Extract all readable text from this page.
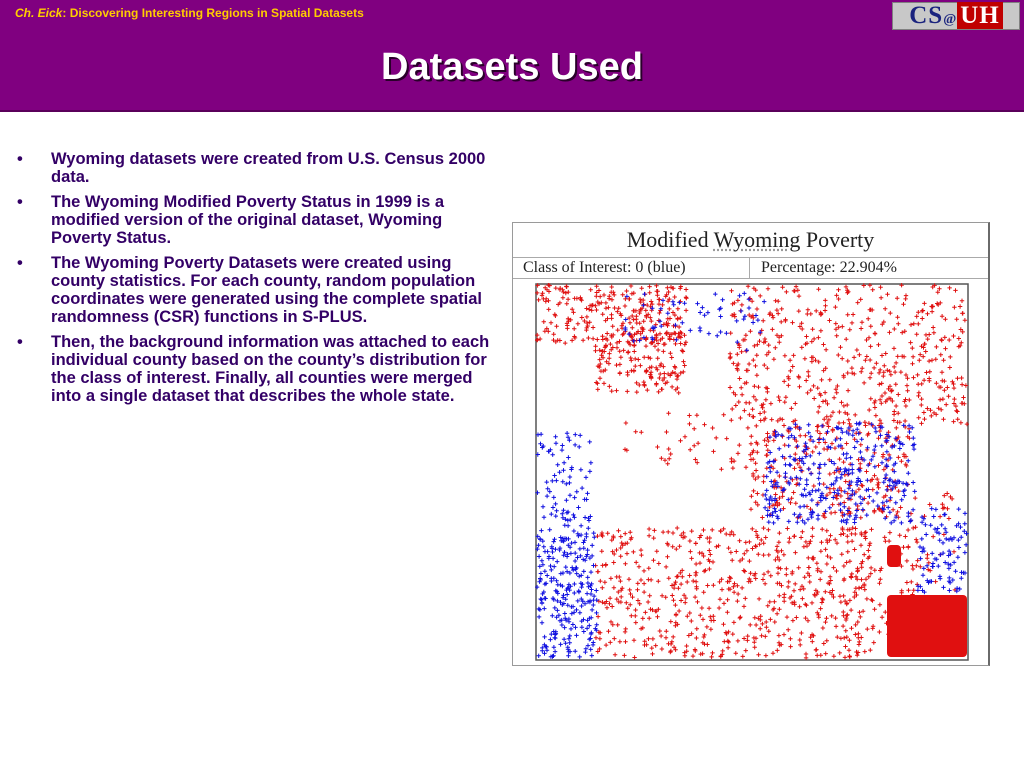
Ch. Eick: Discovering Interesting Regions in Spatial Datasets
Datasets Used
CS@ UH
• Wyoming datasets were created from U.S. Census 2000 data.
• The Wyoming Modified Poverty Status in 1999 is a modified version of the original dataset, Wyoming Poverty Status.
• The Wyoming Poverty Datasets were created using county statistics. For each county, random population coordinates were generated using the complete spatial randomness (CSR) functions in S-PLUS.
• Then, the background information was attached to each individual county based on the county’s distribution for the class of interest. Finally, all counties were merged into a single dataset that describes the whole state.
Modified Wyoming Poverty
Class of Interest: 0 (blue)	Percentage: 22.904%
